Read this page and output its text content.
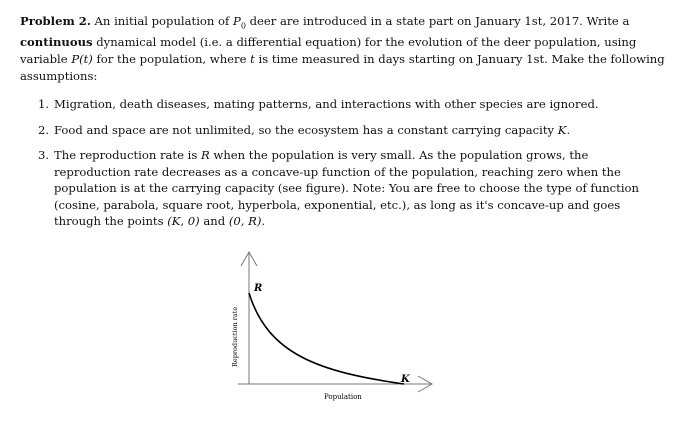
Problem 2. An initial population of $P_0$ deer are introduced in a state part on January 1st, 2017. Write a continuous dynamical model (i.e. a differential equation) for the evolution of the deer population, using variable P(t) for the population, where t is time measured in days starting on January 1st. Make the following assumptions:
1. Migration, death diseases, mating patterns, and interactions with other species are ignored.
2. Food and space are not unlimited, so the ecosystem has a constant carrying capacity K.
3. The reproduction rate is R when the population is very small. As the population grows, the reproduction rate decreases as a concave-up function of the population, reaching zero when the population is at the carrying capacity (see figure). Note: You are free to choose the type of function (cosine, parabola, square root, hyperbola, exponential, etc.), as long as it's concave-up and goes through the points (K, 0) and (0, R).
R
K
Population
Reproduction rate
